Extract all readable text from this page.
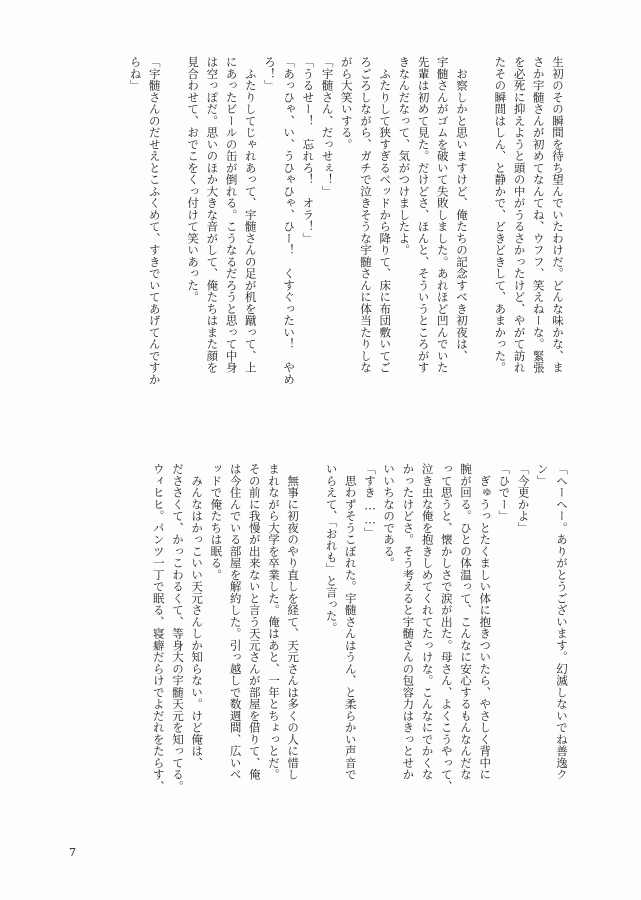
生初のその瞬間を待ち望んでいたわけだ。どんな味かな、ま
さか宇髄さんが初めてなんてね、ウフフ、笑えねーな。緊張
を必死に抑えようと頭の中がうるさかったけど、やがて訪れ
たその瞬間はしん、と静かで、どきどきして、あまかった。
　お察しかと思いますけど、俺たちの記念すべき初夜は、
宇髄さんがゴムを破いて失敗しました。あれほど凹んでいた
先輩は初めて見た。だけどさ、ほんと、そういうところがす
きなんだなって、気がつけましたよ。
　ふたりして狭すぎるベッドから降りて、床に布団敷いてご
ろごろしながら、ガチで泣きそうな宇髄さんに体当たりしな
がら大笑いする。
「宇髄さん、だっせぇ！」
「うるせー！　忘れろ！　オラ！」
「あっひゃ、い、うひゃひゃ、ひー！　くすぐったい！　やめ
ろ！」
　ふたりしてじゃれあって、宇髄さんの足が机を蹴って、上
にあったビールの缶が倒れる。こうなるだろうと思って中身
は空っぽだ。思いのほか大きな音がして、俺たちはまた顔を
見合わせて、おでこをくっ付けて笑いあった。
「宇髄さんのだせえとこふくめて、すきでいてあげてんですか
らね」
「へーへー。ありがとうございます。幻滅しないでね善逸ク
ン」
「今更かよ」
「ひでー」
　ぎゅうっとたくましい体に抱きついたら、やさしく背中に
腕が回る。ひとの体温って、こんなに安心するもんなんだな
って思うと、懐かしさで涙が出た。母さん、よくこうやって、
泣き虫な俺を抱きしめてくれてたっけな。こんなにでかくな
かったけどさ。そう考えると宇髄さんの包容力はきっとせか
いいちなのである。
「すき……」
　思わずそうこぼれた。宇髄さんはうん、と柔らかい声音で
いらえて、「おれも」と言った。
　無事に初夜のやり直しを経て、天元さんは多くの人に惜し
まれながら大学を卒業した。俺はあと、一年とちょっとだ。
その前に我慢が出来ないと言う天元さんが部屋を借りて、俺
は今住んでいる部屋を解約した。引っ越しで数週間、広いベ
ッドで俺たちは眠る。
　みんなはかっこいい天元さんしか知らない。けど俺は、
だささくて、かっこわるくて、等身大の宇髄天元を知ってる。
ウィヒヒ。パンツ一丁で眠る、寝癖だらけでよだれをたらす、
7
